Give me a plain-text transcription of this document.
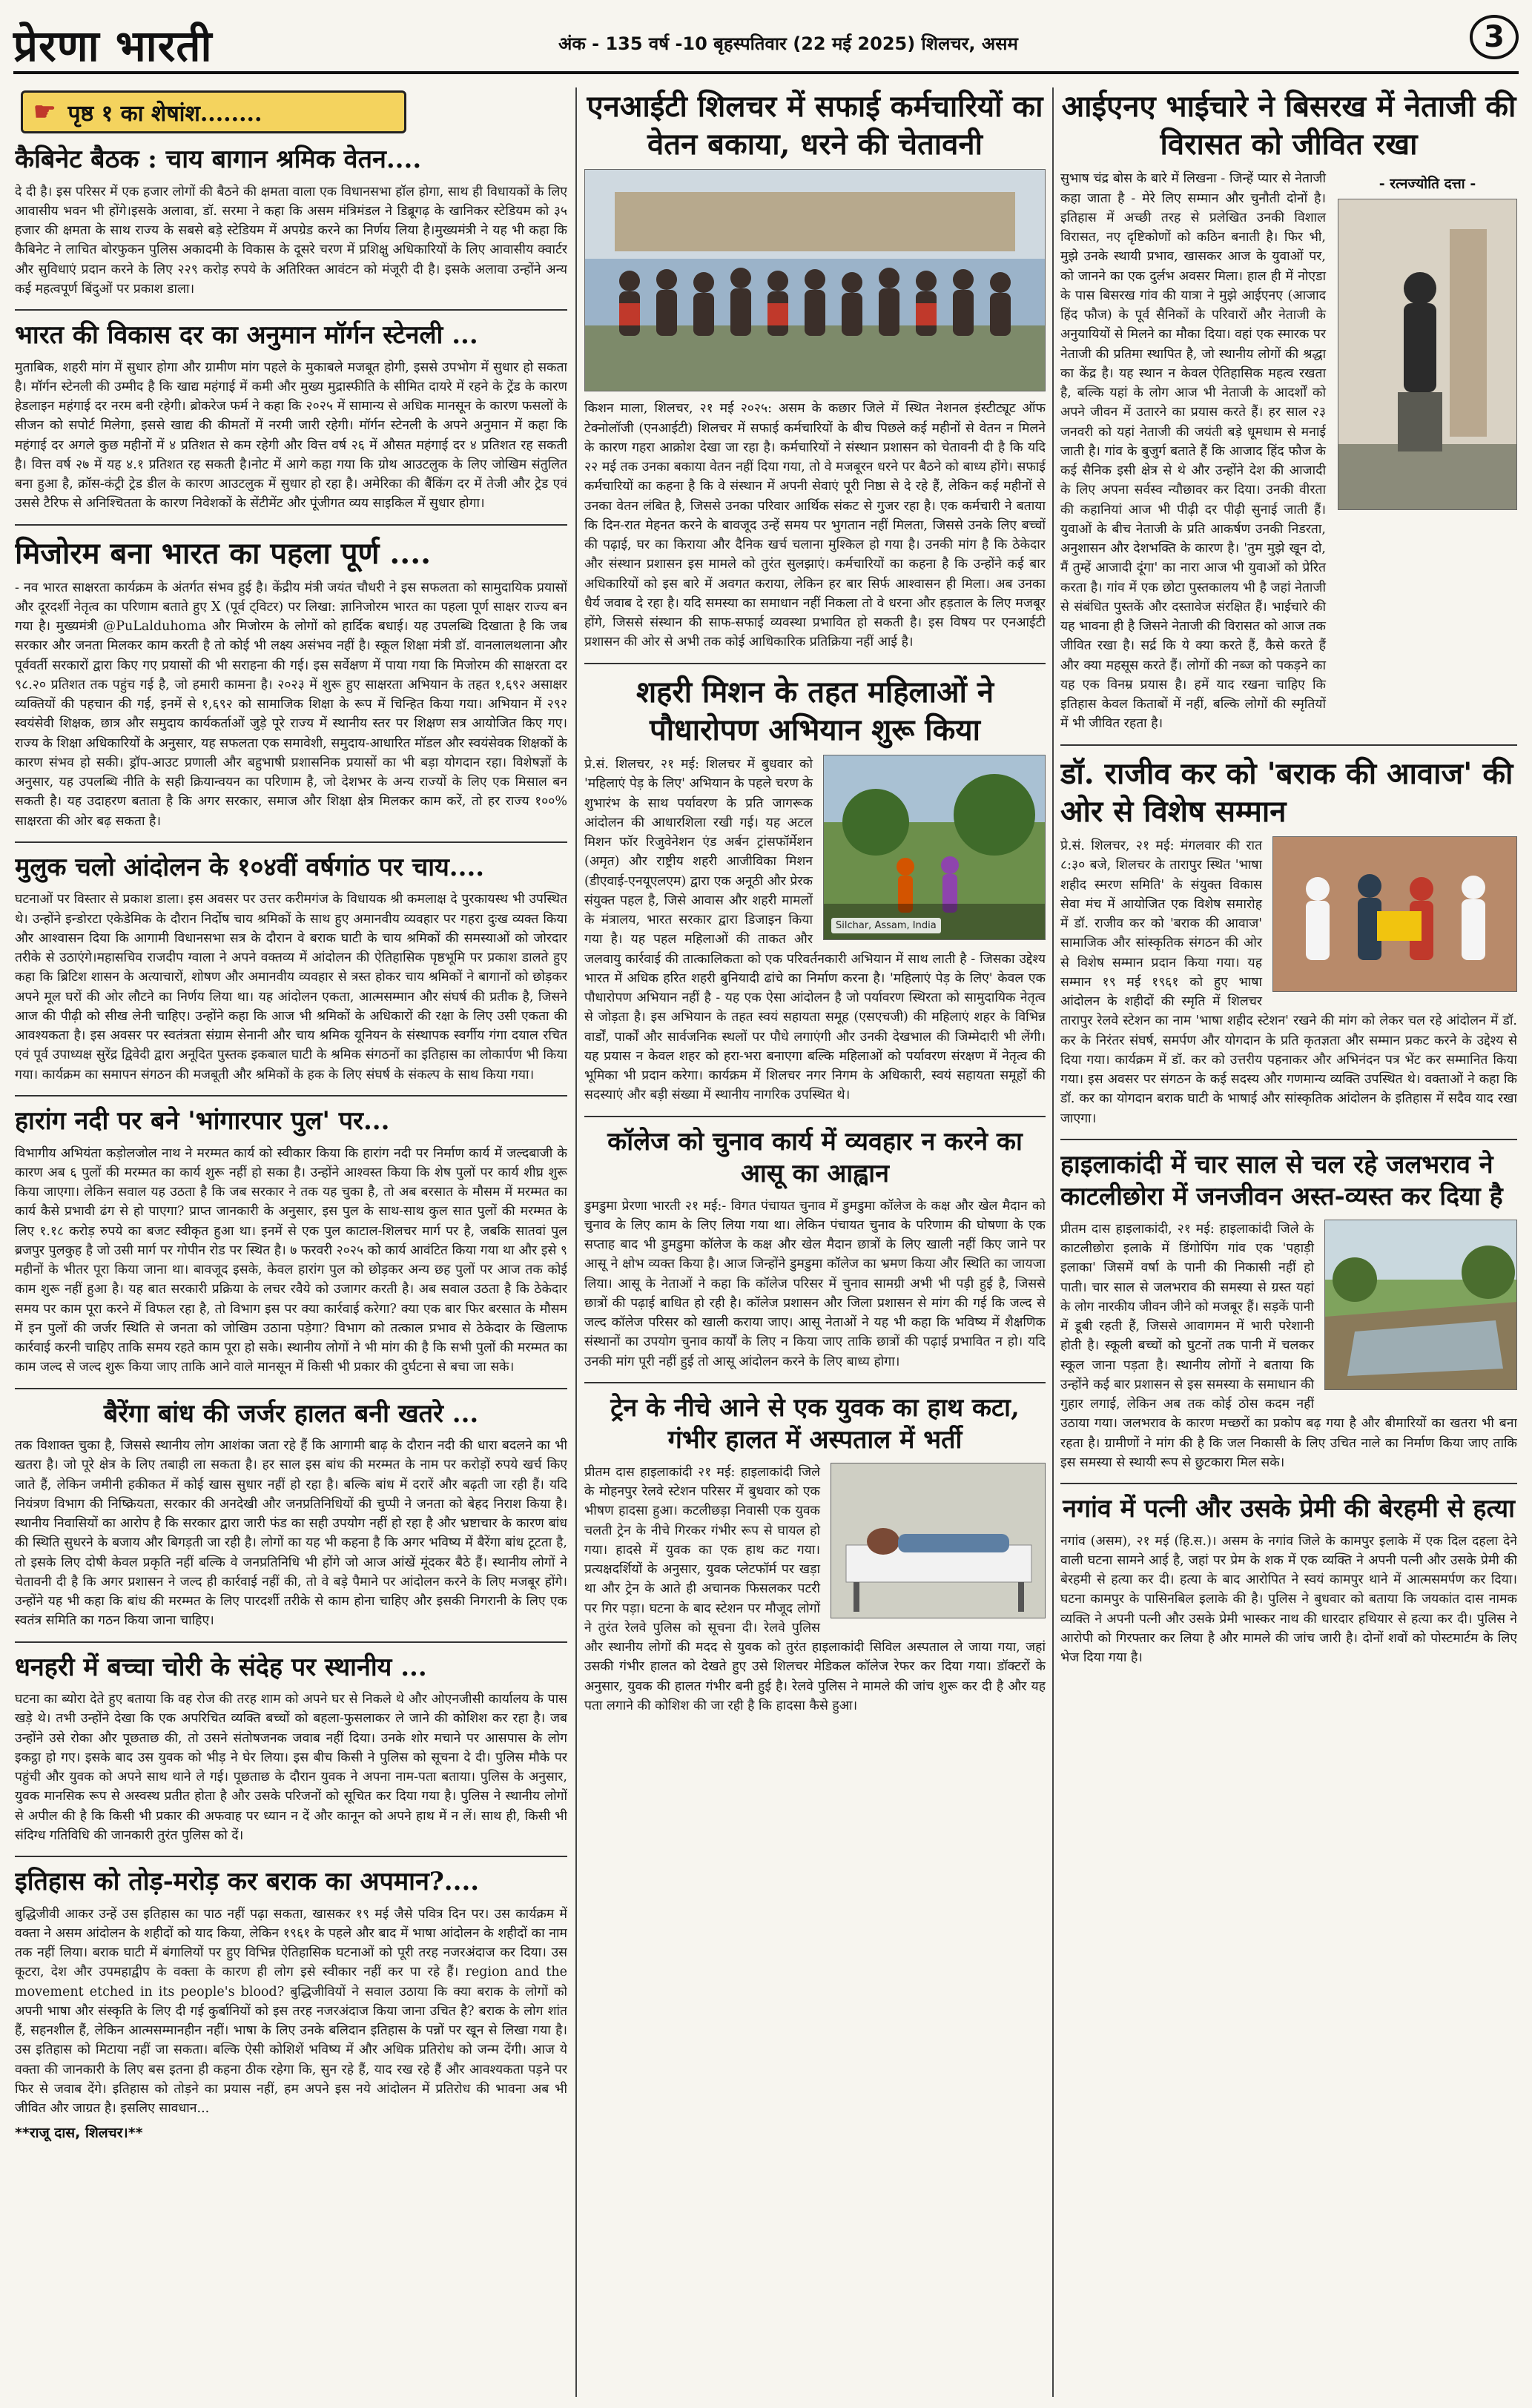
प्रेरणा भारती	अंक - 135 वर्ष -10 बृहस्पतिवार (22 मई 2025) शिलचर, असम	3
☛ पृष्ठ १ का शेषांश........
कैबिनेट बैठक : चाय बागान श्रमिक वेतन....
दे दी है। इस परिसर में एक हजार लोगों की बैठने की क्षमता वाला एक विधानसभा हॉल होगा, साथ ही विधायकों के लिए आवासीय भवन भी होंगे।इसके अलावा, डॉ. सरमा ने कहा कि असम मंत्रिमंडल ने डिब्रूगढ़ के खानिकर स्टेडियम को ३५ हजार की क्षमता के साथ राज्य के सबसे बड़े स्टेडियम में अपग्रेड करने का निर्णय लिया है।मुख्यमंत्री ने यह भी कहा कि कैबिनेट ने लाचित बोरफुकन पुलिस अकादमी के विकास के दूसरे चरण में प्रशिक्षु अधिकारियों के लिए आवासीय क्वार्टर और सुविधाएं प्रदान करने के लिए २२९ करोड़ रुपये के अतिरिक्त आवंटन को मंजूरी दी है। इसके अलावा उन्होंने अन्य कई महत्वपूर्ण बिंदुओं पर प्रकाश डाला।
भारत की विकास दर का अनुमान मॉर्गन स्टेनली ...
मुताबिक, शहरी मांग में सुधार होगा और ग्रामीण मांग पहले के मुकाबले मजबूत होगी, इससे उपभोग में सुधार हो सकता है। मॉर्गन स्टेनली की उम्मीद है कि खाद्य महंगाई में कमी और मुख्य मुद्रास्फीति के सीमित दायरे में रहने के ट्रेंड के कारण हेडलाइन महंगाई दर नरम बनी रहेगी। ब्रोकरेज फर्म ने कहा कि २०२५ में सामान्य से अधिक मानसून के कारण फसलों के सीजन को सपोर्ट मिलेगा, इससे खाद्य की कीमतों में नरमी जारी रहेगी। मॉर्गन स्टेनली के अपने अनुमान में कहा कि महंगाई दर अगले कुछ महीनों में ४ प्रतिशत से कम रहेगी और वित्त वर्ष २६ में औसत महंगाई दर ४ प्रतिशत रह सकती है। वित्त वर्ष २७ में यह ४.१ प्रतिशत रह सकती है।नोट में आगे कहा गया कि ग्रोथ आउटलुक के लिए जोखिम संतुलित बना हुआ है, क्रॉस-कंट्री ट्रेड डील के कारण आउटलुक में सुधार हो रहा है। अमेरिका की बैंकिंग दर में तेजी और ट्रेड एवं उससे टैरिफ से अनिश्चितता के कारण निवेशकों के सेंटीमेंट और पूंजीगत व्यय साइकिल में सुधार होगा।
मिजोरम बना भारत का पहला पूर्ण ....
- नव भारत साक्षरता कार्यक्रम के अंतर्गत संभव हुई है। केंद्रीय मंत्री जयंत चौधरी ने इस सफलता को सामुदायिक प्रयासों और दूरदर्शी नेतृत्व का परिणाम बताते हुए X (पूर्व ट्विटर) पर लिखा: ज्ञानिजोरम भारत का पहला पूर्ण साक्षर राज्य बन गया है। मुख्यमंत्री @PuLalduhoma और मिजोरम के लोगों को हार्दिक बधाई। यह उपलब्धि दिखाता है कि जब सरकार और जनता मिलकर काम करती है तो कोई भी लक्ष्य असंभव नहीं है। स्कूल शिक्षा मंत्री डॉ. वानलालथलाना और पूर्ववर्ती सरकारों द्वारा किए गए प्रयासों की भी सराहना की गई। इस सर्वेक्षण में पाया गया कि मिजोरम की साक्षरता दर ९८.२० प्रतिशत तक पहुंच गई है, जो हमारी कामना है। २०२३ में शुरू हुए साक्षरता अभियान के तहत १,६९२ असाक्षर व्यक्तियों की पहचान की गई, इनमें से १,६९२ को सामाजिक शिक्षा के रूप में चिन्हित किया गया। अभियान में २९२ स्वयंसेवी शिक्षक, छात्र और समुदाय कार्यकर्ताओं जुड़े पूरे राज्य में स्थानीय स्तर पर शिक्षण सत्र आयोजित किए गए। राज्य के शिक्षा अधिकारियों के अनुसार, यह सफलता एक समावेशी, समुदाय-आधारित मॉडल और स्वयंसेवक शिक्षकों के कारण संभव हो सकी। ड्रॉप-आउट प्रणाली और बहुभाषी प्रशासनिक प्रयासों का भी बड़ा योगदान रहा। विशेषज्ञों के अनुसार, यह उपलब्धि नीति के सही क्रियान्वयन का परिणाम है, जो देशभर के अन्य राज्यों के लिए एक मिसाल बन सकती है। यह उदाहरण बताता है कि अगर सरकार, समाज और शिक्षा क्षेत्र मिलकर काम करें, तो हर राज्य १००% साक्षरता की ओर बढ़ सकता है।
मुलुक चलो आंदोलन के १०४वीं वर्षगांठ पर चाय....
घटनाओं पर विस्तार से प्रकाश डाला। इस अवसर पर उत्तर करीमगंज के विधायक श्री कमलाक्ष दे पुरकायस्थ भी उपस्थित थे। उन्होंने इन्डोरटा एकेडेमिक के दौरान निर्दोष चाय श्रमिकों के साथ हुए अमानवीय व्यवहार पर गहरा दुःख व्यक्त किया और आश्वासन दिया कि आगामी विधानसभा सत्र के दौरान वे बराक घाटी के चाय श्रमिकों की समस्याओं को जोरदार तरीके से उठाएंगे।महासचिव राजदीप ग्वाला ने अपने वक्तव्य में आंदोलन की ऐतिहासिक पृष्ठभूमि पर प्रकाश डालते हुए कहा कि ब्रिटिश शासन के अत्याचारों, शोषण और अमानवीय व्यवहार से त्रस्त होकर चाय श्रमिकों ने बागानों को छोड़कर अपने मूल घरों की ओर लौटने का निर्णय लिया था। यह आंदोलन एकता, आत्मसम्मान और संघर्ष की प्रतीक है, जिसने आज की पीढ़ी को सीख लेनी चाहिए। उन्होंने कहा कि आज भी श्रमिकों के अधिकारों की रक्षा के लिए उसी एकता की आवश्यकता है। इस अवसर पर स्वतंत्रता संग्राम सेनानी और चाय श्रमिक यूनियन के संस्थापक स्वर्गीय गंगा दयाल रचित एवं पूर्व उपाध्यक्ष सुरेंद्र द्विवेदी द्वारा अनूदित पुस्तक इकबाल घाटी के श्रमिक संगठनों का इतिहास का लोकार्पण भी किया गया। कार्यक्रम का समापन संगठन की मजबूती और श्रमिकों के हक के लिए संघर्ष के संकल्प के साथ किया गया।
हारांग नदी पर बने 'भांगारपार पुल' पर...
विभागीय अभियंता कड़ोलजोल नाथ ने मरम्मत कार्य को स्वीकार किया कि हारांग नदी पर निर्माण कार्य में जल्दबाजी के कारण अब ६ पुलों की मरम्मत का कार्य शुरू नहीं हो सका है। उन्होंने आश्वस्त किया कि शेष पुलों पर कार्य शीघ्र शुरू किया जाएगा। लेकिन सवाल यह उठता है कि जब सरकार ने तक यह चुका है, तो अब बरसात के मौसम में मरम्मत का कार्य कैसे प्रभावी ढंग से हो पाएगा? प्राप्त जानकारी के अनुसार, इस पुल के साथ-साथ कुल सात पुलों की मरम्मत के लिए १.१८ करोड़ रुपये का बजट स्वीकृत हुआ था। इनमें से एक पुल काटाल-शिलचर मार्ग पर है, जबकि सातवां पुल ब्रजपुर पुलकुह है जो उसी मार्ग पर गोपीन रोड पर स्थित है। ७ फरवरी २०२५ को कार्य आवंटित किया गया था और इसे ९ महीनों के भीतर पूरा किया जाना था। बावजूद इसके, केवल हारांग पुल को छोड़कर अन्य छह पुलों पर आज तक कोई काम शुरू नहीं हुआ है। यह बात सरकारी प्रक्रिया के लचर रवैये को उजागर करती है। अब सवाल उठता है कि ठेकेदार समय पर काम पूरा करने में विफल रहा है, तो विभाग इस पर क्या कार्रवाई करेगा? क्या एक बार फिर बरसात के मौसम में इन पुलों की जर्जर स्थिति से जनता को जोखिम उठाना पड़ेगा? विभाग को तत्काल प्रभाव से ठेकेदार के खिलाफ कार्रवाई करनी चाहिए ताकि समय रहते काम पूरा हो सके। स्थानीय लोगों ने भी मांग की है कि सभी पुलों की मरम्मत का काम जल्द से जल्द शुरू किया जाए ताकि आने वाले मानसून में किसी भी प्रकार की दुर्घटना से बचा जा सके।
बैरेंगा बांध की जर्जर हालत बनी खतरे ...
तक विशाक्त चुका है, जिससे स्थानीय लोग आशंका जता रहे हैं कि आगामी बाढ़ के दौरान नदी की धारा बदलने का भी खतरा है। जो पूरे क्षेत्र के लिए तबाही ला सकता है। हर साल इस बांध की मरम्मत के नाम पर करोड़ों रुपये खर्च किए जाते हैं, लेकिन जमीनी हकीकत में कोई खास सुधार नहीं हो रहा है। बल्कि बांध में दरारें और बढ़ती जा रही हैं। यदि नियंत्रण विभाग की निष्क्रियता, सरकार की अनदेखी और जनप्रतिनिधियों की चुप्पी ने जनता को बेहद निराश किया है। स्थानीय निवासियों का आरोप है कि सरकार द्वारा जारी फंड का सही उपयोग नहीं हो रहा है और भ्रष्टाचार के कारण बांध की स्थिति सुधरने के बजाय और बिगड़ती जा रही है। लोगों का यह भी कहना है कि अगर भविष्य में बैरेंगा बांध टूटता है, तो इसके लिए दोषी केवल प्रकृति नहीं बल्कि वे जनप्रतिनिधि भी होंगे जो आज आंखें मूंदकर बैठे हैं। स्थानीय लोगों ने चेतावनी दी है कि अगर प्रशासन ने जल्द ही कार्रवाई नहीं की, तो वे बड़े पैमाने पर आंदोलन करने के लिए मजबूर होंगे। उन्होंने यह भी कहा कि बांध की मरम्मत के लिए पारदर्शी तरीके से काम होना चाहिए और इसकी निगरानी के लिए एक स्वतंत्र समिति का गठन किया जाना चाहिए।
धनहरी में बच्चा चोरी के संदेह पर स्थानीय ...
घटना का ब्योरा देते हुए बताया कि वह रोज की तरह शाम को अपने घर से निकले थे और ओएनजीसी कार्यालय के पास खड़े थे। तभी उन्होंने देखा कि एक अपरिचित व्यक्ति बच्चों को बहला-फुसलाकर ले जाने की कोशिश कर रहा है। जब उन्होंने उसे रोका और पूछताछ की, तो उसने संतोषजनक जवाब नहीं दिया। उनके शोर मचाने पर आसपास के लोग इकट्ठा हो गए। इसके बाद उस युवक को भीड़ ने घेर लिया। इस बीच किसी ने पुलिस को सूचना दे दी। पुलिस मौके पर पहुंची और युवक को अपने साथ थाने ले गई। पूछताछ के दौरान युवक ने अपना नाम-पता बताया। पुलिस के अनुसार, युवक मानसिक रूप से अस्वस्थ प्रतीत होता है और उसके परिजनों को सूचित कर दिया गया है। पुलिस ने स्थानीय लोगों से अपील की है कि किसी भी प्रकार की अफवाह पर ध्यान न दें और कानून को अपने हाथ में न लें। साथ ही, किसी भी संदिग्ध गतिविधि की जानकारी तुरंत पुलिस को दें।
इतिहास को तोड़-मरोड़ कर बराक का अपमान?....
बुद्धिजीवी आकर उन्हें उस इतिहास का पाठ नहीं पढ़ा सकता, खासकर १९ मई जैसे पवित्र दिन पर। उस कार्यक्रम में वक्ता ने असम आंदोलन के शहीदों को याद किया, लेकिन १९६१ के पहले और बाद में भाषा आंदोलन के शहीदों का नाम तक नहीं लिया। बराक घाटी में बंगालियों पर हुए विभिन्न ऐतिहासिक घटनाओं को पूरी तरह नजरअंदाज कर दिया। उस कूटरा, देश और उपमहाद्वीप के वक्ता के कारण ही लोग इसे स्वीकार नहीं कर पा रहे हैं। region and the movement etched in its people's blood? बुद्धिजीवियों ने सवाल उठाया कि क्या बराक के लोगों को अपनी भाषा और संस्कृति के लिए दी गई कुर्बानियों को इस तरह नजरअंदाज किया जाना उचित है? बराक के लोग शांत हैं, सहनशील हैं, लेकिन आत्मसम्मानहीन नहीं। भाषा के लिए उनके बलिदान इतिहास के पन्नों पर खून से लिखा गया है। उस इतिहास को मिटाया नहीं जा सकता। बल्कि ऐसी कोशिशें भविष्य में और अधिक प्रतिरोध को जन्म देंगी। आज ये वक्ता की जानकारी के लिए बस इतना ही कहना ठीक रहेगा कि, सुन रहे हैं, याद रख रहे हैं और आवश्यकता पड़ने पर फिर से जवाब देंगे। इतिहास को तोड़ने का प्रयास नहीं, हम अपने इस नये आंदोलन में प्रतिरोध की भावना अब भी जीवित और जाग्रत है। इसलिए सावधान...
**राजू दास, शिलचर।**
एनआईटी शिलचर में सफाई कर्मचारियों का वेतन बकाया, धरने की चेतावनी
किशन माला, शिलचर, २१ मई २०२५: असम के कछार जिले में स्थित नेशनल इंस्टीट्यूट ऑफ टेक्नोलॉजी (एनआईटी) शिलचर में सफाई कर्मचारियों के बीच पिछले कई महीनों से वेतन न मिलने के कारण गहरा आक्रोश देखा जा रहा है। कर्मचारियों ने संस्थान प्रशासन को चेतावनी दी है कि यदि २२ मई तक उनका बकाया वेतन नहीं दिया गया, तो वे मजबूरन धरने पर बैठने को बाध्य होंगे। सफाई कर्मचारियों का कहना है कि वे संस्थान में अपनी सेवाएं पूरी निष्ठा से दे रहे हैं, लेकिन कई महीनों से उनका वेतन लंबित है, जिससे उनका परिवार आर्थिक संकट से गुजर रहा है। एक कर्मचारी ने बताया कि दिन-रात मेहनत करने के बावजूद उन्हें समय पर भुगतान नहीं मिलता, जिससे उनके लिए बच्चों की पढ़ाई, घर का किराया और दैनिक खर्च चलाना मुश्किल हो गया है। उनकी मांग है कि ठेकेदार और संस्थान प्रशासन इस मामले को तुरंत सुलझाएं। कर्मचारियों का कहना है कि उन्होंने कई बार अधिकारियों को इस बारे में अवगत कराया, लेकिन हर बार सिर्फ आश्वासन ही मिला। अब उनका धैर्य जवाब दे रहा है। यदि समस्या का समाधान नहीं निकला तो वे धरना और हड़ताल के लिए मजबूर होंगे, जिससे संस्थान की साफ-सफाई व्यवस्था प्रभावित हो सकती है। इस विषय पर एनआईटी प्रशासन की ओर से अभी तक कोई आधिकारिक प्रतिक्रिया नहीं आई है।
शहरी मिशन के तहत महिलाओं ने पौधारोपण अभियान शुरू किया
Silchar, Assam, India
प्रे.सं. शिलचर, २१ मई: शिलचर में बुधवार को 'महिलाएं पेड़ के लिए' अभियान के पहले चरण के शुभारंभ के साथ पर्यावरण के प्रति जागरूक आंदोलन की आधारशिला रखी गई। यह अटल मिशन फॉर रिजुवेनेशन एंड अर्बन ट्रांसफॉर्मेशन (अमृत) और राष्ट्रीय शहरी आजीविका मिशन (डीएवाई-एनयूएलएम) द्वारा एक अनूठी और प्रेरक संयुक्त पहल है, जिसे आवास और शहरी मामलों के मंत्रालय, भारत सरकार द्वारा डिजाइन किया गया है। यह पहल महिलाओं की ताकत और जलवायु कार्रवाई की तात्कालिकता को एक परिवर्तनकारी अभियान में साथ लाती है - जिसका उद्देश्य भारत में अधिक हरित शहरी बुनियादी ढांचे का निर्माण करना है। 'महिलाएं पेड़ के लिए' केवल एक पौधारोपण अभियान नहीं है - यह एक ऐसा आंदोलन है जो पर्यावरण स्थिरता को सामुदायिक नेतृत्व से जोड़ता है। इस अभियान के तहत स्वयं सहायता समूह (एसएचजी) की महिलाएं शहर के विभिन्न वार्डों, पार्कों और सार्वजनिक स्थलों पर पौधे लगाएंगी और उनकी देखभाल की जिम्मेदारी भी लेंगी। यह प्रयास न केवल शहर को हरा-भरा बनाएगा बल्कि महिलाओं को पर्यावरण संरक्षण में नेतृत्व की भूमिका भी प्रदान करेगा। कार्यक्रम में शिलचर नगर निगम के अधिकारी, स्वयं सहायता समूहों की सदस्याएं और बड़ी संख्या में स्थानीय नागरिक उपस्थित थे।
कॉलेज को चुनाव कार्य में व्यवहार न करने का आसू का आह्वान
डुमडुमा प्रेरणा भारती २१ मई:- विगत पंचायत चुनाव में डुमडुमा कॉलेज के कक्ष और खेल मैदान को चुनाव के लिए काम के लिए लिया गया था। लेकिन पंचायत चुनाव के परिणाम की घोषणा के एक सप्ताह बाद भी डुमडुमा कॉलेज के कक्ष और खेल मैदान छात्रों के लिए खाली नहीं किए जाने पर आसू ने क्षोभ व्यक्त किया है। आज जिन्होंने डुमडुमा कॉलेज का भ्रमण किया और स्थिति का जायजा लिया। आसू के नेताओं ने कहा कि कॉलेज परिसर में चुनाव सामग्री अभी भी पड़ी हुई है, जिससे छात्रों की पढ़ाई बाधित हो रही है। कॉलेज प्रशासन और जिला प्रशासन से मांग की गई कि जल्द से जल्द कॉलेज परिसर को खाली कराया जाए। आसू नेताओं ने यह भी कहा कि भविष्य में शैक्षणिक संस्थानों का उपयोग चुनाव कार्यों के लिए न किया जाए ताकि छात्रों की पढ़ाई प्रभावित न हो। यदि उनकी मांग पूरी नहीं हुई तो आसू आंदोलन करने के लिए बाध्य होगा।
ट्रेन के नीचे आने से एक युवक का हाथ कटा, गंभीर हालत में अस्पताल में भर्ती
प्रीतम दास हाइलाकांदी २१ मई: हाइलाकांदी जिले के मोहनपुर रेलवे स्टेशन परिसर में बुधवार को एक भीषण हादसा हुआ। कटलीछड़ा निवासी एक युवक चलती ट्रेन के नीचे गिरकर गंभीर रूप से घायल हो गया। हादसे में युवक का एक हाथ कट गया। प्रत्यक्षदर्शियों के अनुसार, युवक प्लेटफॉर्म पर खड़ा था और ट्रेन के आते ही अचानक फिसलकर पटरी पर गिर पड़ा। घटना के बाद स्टेशन पर मौजूद लोगों ने तुरंत रेलवे पुलिस को सूचना दी। रेलवे पुलिस और स्थानीय लोगों की मदद से युवक को तुरंत हाइलाकांदी सिविल अस्पताल ले जाया गया, जहां उसकी गंभीर हालत को देखते हुए उसे शिलचर मेडिकल कॉलेज रेफर कर दिया गया। डॉक्टरों के अनुसार, युवक की हालत गंभीर बनी हुई है। रेलवे पुलिस ने मामले की जांच शुरू कर दी है और यह पता लगाने की कोशिश की जा रही है कि हादसा कैसे हुआ।
आईएनए भाईचारे ने बिसरख में नेताजी की विरासत को जीवित रखा
सुभाष चंद्र बोस के बारे में लिखना - जिन्हें प्यार से नेताजी कहा जाता है - मेरे लिए सम्मान और चुनौती दोनों है। इतिहास में अच्छी तरह से प्रलेखित उनकी विशाल विरासत, नए दृष्टिकोणों को कठिन बनाती है। फिर भी, मुझे उनके स्थायी प्रभाव, खासकर आज के युवाओं पर, को जानने का एक दुर्लभ अवसर मिला। हाल ही में नोएडा के पास बिसरख गांव की यात्रा ने मुझे आईएनए (आजाद हिंद फौज) के पूर्व सैनिकों के परिवारों और नेताजी के अनुयायियों से मिलने का मौका दिया। वहां एक स्मारक पर नेताजी की प्रतिमा स्थापित है, जो स्थानीय लोगों की श्रद्धा का केंद्र है। यह स्थान न केवल ऐतिहासिक महत्व रखता है, बल्कि यहां के लोग आज भी नेताजी के आदर्शों को अपने जीवन में उतारने का प्रयास करते हैं। हर साल २३ जनवरी को यहां नेताजी की जयंती बड़े धूमधाम से मनाई जाती है। गांव के बुजुर्ग बताते हैं कि आजाद हिंद फौज के कई सैनिक इसी क्षेत्र से थे और उन्होंने देश की आजादी के लिए अपना सर्वस्व न्यौछावर कर दिया। उनकी वीरता की कहानियां आज भी पीढ़ी दर पीढ़ी सुनाई जाती हैं। युवाओं के बीच नेताजी के प्रति आकर्षण उनकी निडरता, अनुशासन और देशभक्ति के कारण है। 'तुम मुझे खून दो, मैं तुम्हें आजादी दूंगा' का नारा आज भी युवाओं को प्रेरित करता है। गांव में एक छोटा पुस्तकालय भी है जहां नेताजी से संबंधित पुस्तकें और दस्तावेज संरक्षित हैं। भाईचारे की यह भावना ही है जिसने नेताजी की विरासत को आज तक जीवित रखा है। सर्द्र कि ये क्या करते हैं, कैसे करते हैं और क्या महसूस करते हैं। लोगों की नब्ज को पकड़ने का यह एक विनम्र प्रयास है। हमें याद रखना चाहिए कि इतिहास केवल किताबों में नहीं, बल्कि लोगों की स्मृतियों में भी जीवित रहता है।
- रत्नज्योति दत्ता -
डॉ. राजीव कर को 'बराक की आवाज' की ओर से विशेष सम्मान
प्रे.सं. शिलचर, २१ मई: मंगलवार की रात ८:३० बजे, शिलचर के तारापुर स्थित 'भाषा शहीद स्मरण समिति' के संयुक्त विकास सेवा मंच में आयोजित एक विशेष समारोह में डॉ. राजीव कर को 'बराक की आवाज' सामाजिक और सांस्कृतिक संगठन की ओर से विशेष सम्मान प्रदान किया गया। यह सम्मान १९ मई १९६१ को हुए भाषा आंदोलन के शहीदों की स्मृति में शिलचर तारापुर रेलवे स्टेशन का नाम 'भाषा शहीद स्टेशन' रखने की मांग को लेकर चल रहे आंदोलन में डॉ. कर के निरंतर संघर्ष, समर्पण और योगदान के प्रति कृतज्ञता और सम्मान प्रकट करने के उद्देश्य से दिया गया। कार्यक्रम में डॉ. कर को उत्तरीय पहनाकर और अभिनंदन पत्र भेंट कर सम्मानित किया गया। इस अवसर पर संगठन के कई सदस्य और गणमान्य व्यक्ति उपस्थित थे। वक्ताओं ने कहा कि डॉ. कर का योगदान बराक घाटी के भाषाई और सांस्कृतिक आंदोलन के इतिहास में सदैव याद रखा जाएगा।
हाइलाकांदी में चार साल से चल रहे जलभराव ने काटलीछोरा में जनजीवन अस्त-व्यस्त कर दिया है
प्रीतम दास हाइलाकांदी, २१ मई: हाइलाकांदी जिले के काटलीछोरा इलाके में डिंगोपिंग गांव एक 'पहाड़ी इलाका' जिसमें वर्षा के पानी की निकासी नहीं हो पाती। चार साल से जलभराव की समस्या से ग्रस्त यहां के लोग नारकीय जीवन जीने को मजबूर हैं। सड़कें पानी में डूबी रहती हैं, जिससे आवागमन में भारी परेशानी होती है। स्कूली बच्चों को घुटनों तक पानी में चलकर स्कूल जाना पड़ता है। स्थानीय लोगों ने बताया कि उन्होंने कई बार प्रशासन से इस समस्या के समाधान की गुहार लगाई, लेकिन अब तक कोई ठोस कदम नहीं उठाया गया। जलभराव के कारण मच्छरों का प्रकोप बढ़ गया है और बीमारियों का खतरा भी बना रहता है। ग्रामीणों ने मांग की है कि जल निकासी के लिए उचित नाले का निर्माण किया जाए ताकि इस समस्या से स्थायी रूप से छुटकारा मिल सके।
नगांव में पत्नी और उसके प्रेमी की बेरहमी से हत्या
नगांव (असम), २१ मई (हि.स.)। असम के नगांव जिले के कामपुर इलाके में एक दिल दहला देने वाली घटना सामने आई है, जहां पर प्रेम के शक में एक व्यक्ति ने अपनी पत्नी और उसके प्रेमी की बेरहमी से हत्या कर दी। हत्या के बाद आरोपित ने स्वयं कामपुर थाने में आत्मसमर्पण कर दिया। घटना कामपुर के पासिनबिल इलाके की है। पुलिस ने बुधवार को बताया कि जयकांत दास नामक व्यक्ति ने अपनी पत्नी और उसके प्रेमी भास्कर नाथ की धारदार हथियार से हत्या कर दी। पुलिस ने आरोपी को गिरफ्तार कर लिया है और मामले की जांच जारी है। दोनों शवों को पोस्टमार्टम के लिए भेज दिया गया है।
